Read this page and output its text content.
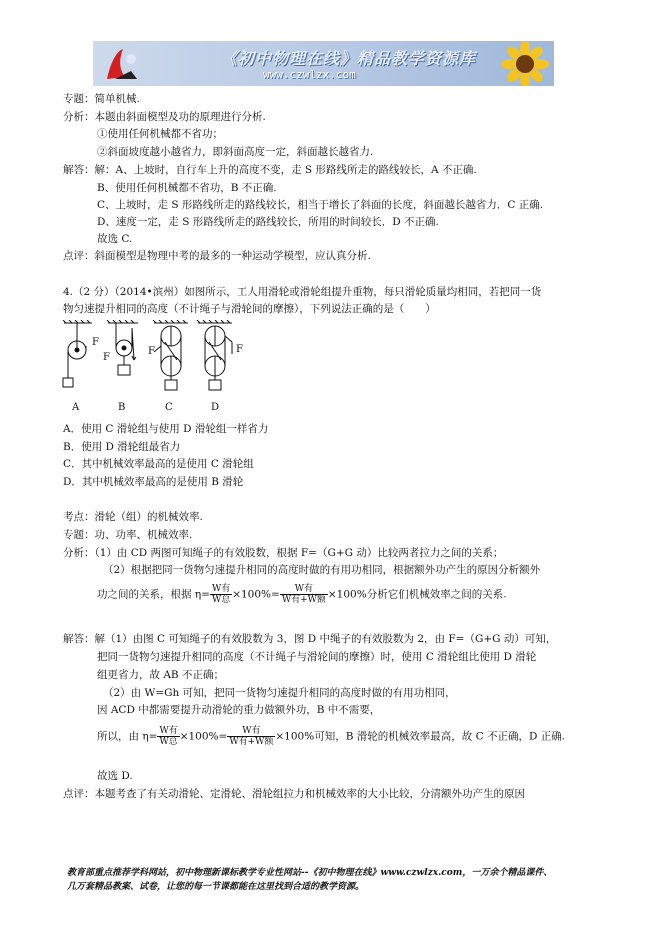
《初中物理在线》精品教学资源库
www.czwlzx.com
专题：简单机械.
分析：本题由斜面模型及功的原理进行分析.
①使用任何机械都不省功；
②斜面坡度越小越省力，即斜面高度一定，斜面越长越省力.
解答：解：A、上坡时，自行车上升的高度不变，走 S 形路线所走的路线较长，A 不正确.
B、使用任何机械都不省功，B 不正确.
C、上坡时，走 S 形路线所走的路线较长，相当于增长了斜面的长度，斜面越长越省力．C 正确.
D、速度一定，走 S 形路线所走的路线较长，所用的时间较长．D 不正确.
故选 C.
点评：斜面模型是物理中考的最多的一种运动学模型，应认真分析.
4.（2 分）（2014•滨州）如图所示，工人用滑轮或滑轮组提升重物，每只滑轮质量均相同，若把同一货
物匀速提升相同的高度（不计绳子与滑轮间的摩擦），下列说法正确的是（　　）
F
F
F	F
A	B	C	D
A．使用 C 滑轮组与使用 D 滑轮组一样省力
B．使用 D 滑轮组最省力
C．其中机械效率最高的是使用 C 滑轮组
D．其中机械效率最高的是使用 B 滑轮
考点：滑轮（组）的机械效率.
专题：功、功率、机械效率.
分析：（1）由 CD 两图可知绳子的有效股数，根据 F=（G+G 动）比较两者拉力之间的关系；
（2）根据把同一货物匀速提升相同的高度时做的有用功相同，根据额外功产生的原因分析额外
功之间的关系，根据 $\eta= \frac{\text{W有}}{\text{W总}} \times 100\%= \frac{\text{W有}}{\text{W有+W额}} \times 100\%$分析它们机械效率之间的关系.
解答：解（1）由图 C 可知绳子的有效股数为 3，图 D 中绳子的有效股数为 2，由 F=（G+G 动）可知，
把同一货物匀速提升相同的高度（不计绳子与滑轮间的摩擦）时，使用 C 滑轮组比使用 D 滑轮
组更省力，故 AB 不正确；
（2）由 W=Gh 可知，把同一货物匀速提升相同的高度时做的有用功相同，
因 ACD 中都需要提升动滑轮的重力做额外功，B 中不需要，
所以，由 $\eta= \frac{\text{W有}}{\text{W总}} \times 100\%= \frac{\text{W有}}{\text{W有+W额}} \times 100\%$可知，B 滑轮的机械效率最高，故 C 不正确，D 正确.
故选 D.
点评：本题考查了有关动滑轮、定滑轮、滑轮组拉力和机械效率的大小比较，分清额外功产生的原因
教育部重点推荐学科网站，初中物理新课标教学专业性网站--《初中物理在线》www.czwlzx.com，一万余个精品课件、
几万套精品教案、试卷，让您的每一节课都能在这里找到合适的教学资源。
